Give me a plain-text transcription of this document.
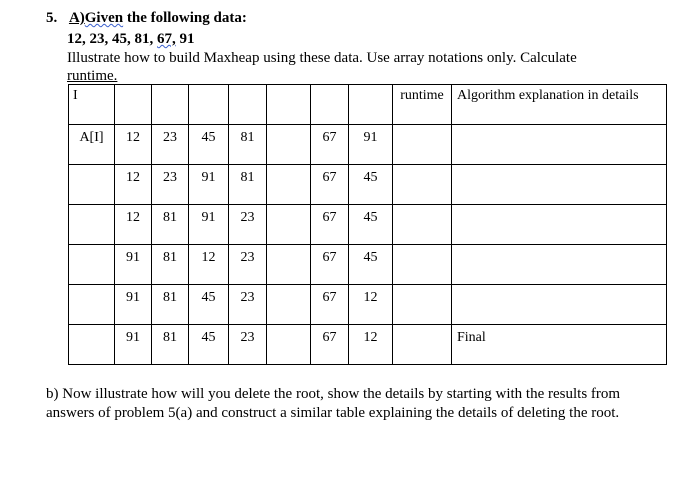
5. A)Given the following data:
12, 23, 45, 81, 67, 91
Illustrate how to build Maxheap using these data. Use array notations only. Calculate runtime.
I								runtime	Algorithm explanation in details
A[I]	12	23	45	81		67	91		
	12	23	91	81		67	45		
	12	81	91	23		67	45		
	91	81	12	23		67	45		
	91	81	45	23		67	12		
	91	81	45	23		67	12		Final
b) Now illustrate how will you delete the root, show the details by starting with the results from answers of problem 5(a) and construct a similar table explaining the details of deleting the root.
